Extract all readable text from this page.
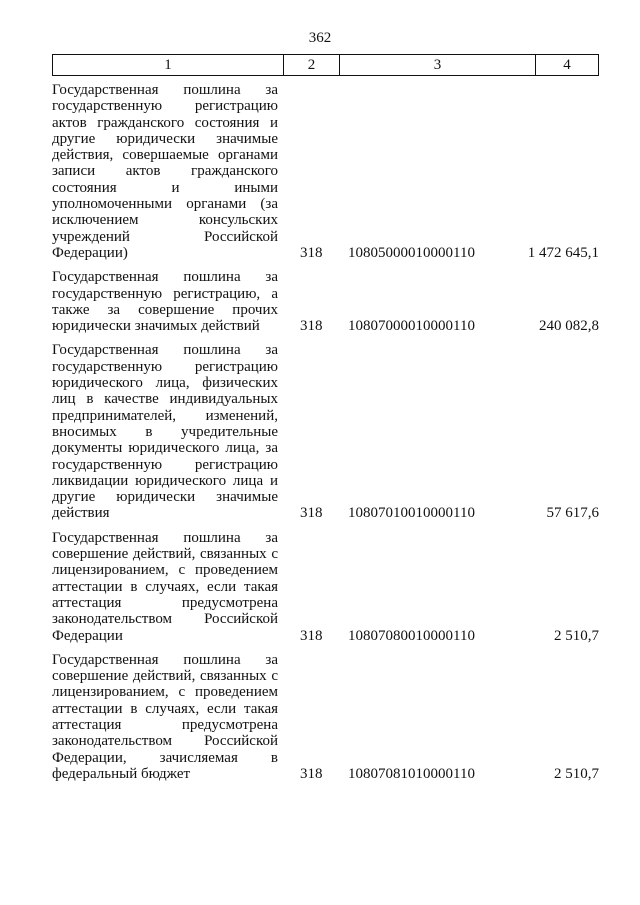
362
1	2	3	4
Государственная пошлина за государственную регистрацию актов гражданского состояния и другие юридически значимые действия, совершаемые органами записи актов гражданского состояния и иными уполномоченными органами (за исключением консульских учреждений Российской Федерации)	318 10805000010000110	1 472 645,1
Государственная пошлина за государственную регистрацию, а также за совершение прочих юридически значимых действий	318 10807000010000110	240 082,8
Государственная пошлина за государственную регистрацию юридического лица, физических лиц в качестве индивидуальных предпринимателей, изменений, вносимых в учредительные документы юридического лица, за государственную регистрацию ликвидации юридического лица и другие юридически значимые действия	318 10807010010000110	57 617,6
Государственная пошлина за совершение действий, связанных с лицензированием, с проведением аттестации в случаях, если такая аттестация предусмотрена законодательством Российской Федерации	318 10807080010000110	2 510,7
Государственная пошлина за совершение действий, связанных с лицензированием, с проведением аттестации в случаях, если такая аттестация предусмотрена законодательством Российской Федерации, зачисляемая в федеральный бюджет	318 10807081010000110	2 510,7
